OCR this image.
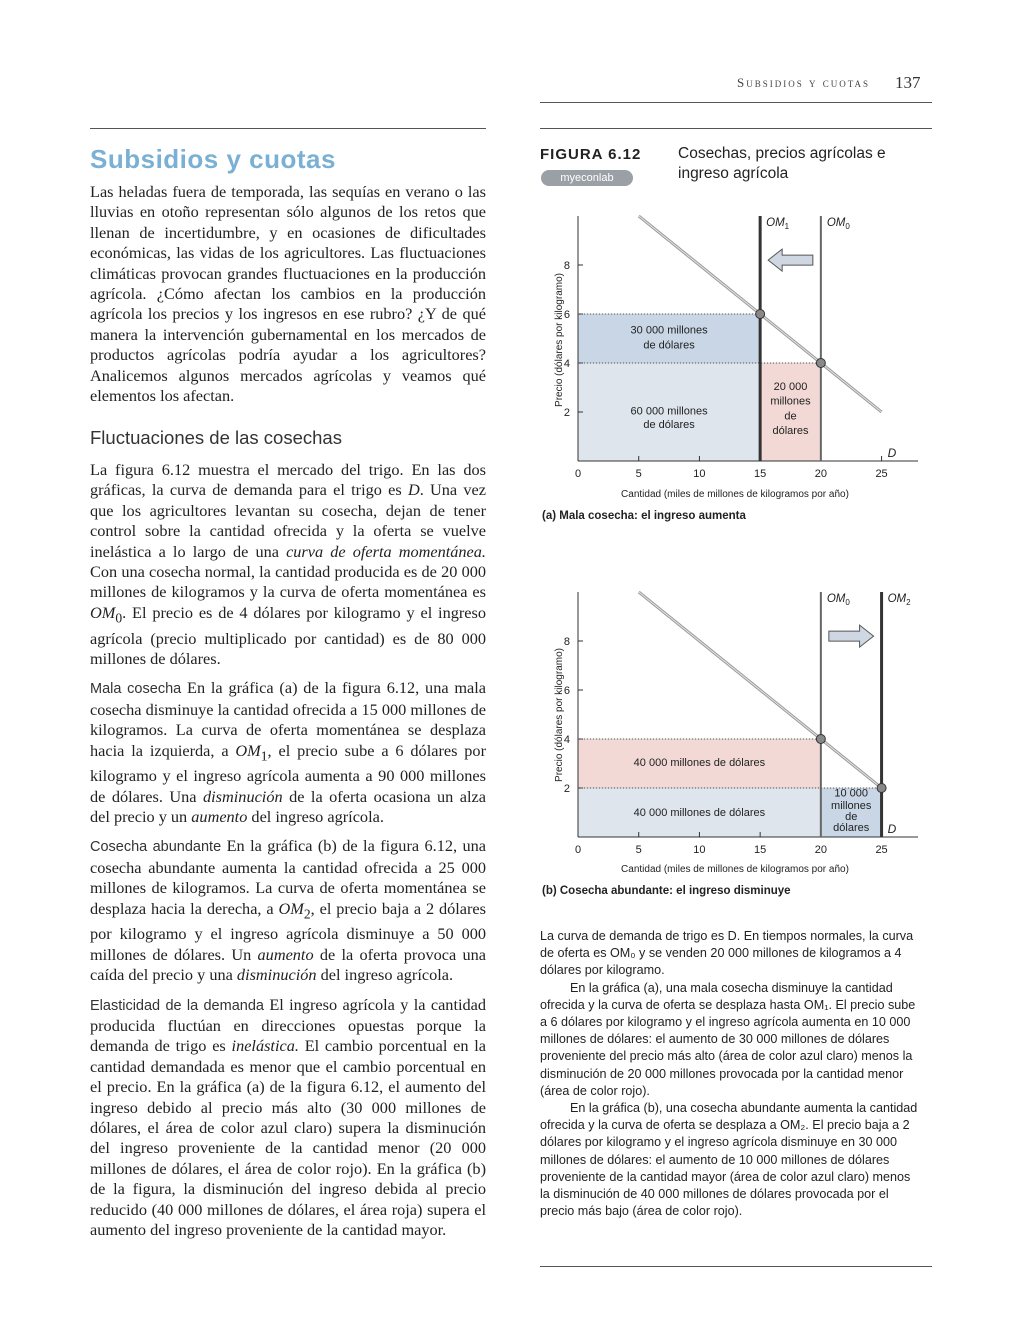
Subsidios y cuotas 137
Subsidios y cuotas

Las heladas fuera de temporada, las sequías en verano o las lluvias en otoño representan sólo algunos de los retos que llenan de incertidumbre, y en ocasiones de dificultades económicas, las vidas de los agricultores. Las fluctuaciones climáticas provocan grandes fluctuaciones en la producción agrícola. ¿Cómo afectan los cambios en la producción agrícola los precios y los ingresos en ese rubro? ¿Y de qué manera la intervención gubernamental en los mercados de productos agrícolas podría ayudar a los agricultores? Analicemos algunos mercados agrícolas y veamos qué elementos los afectan.

Fluctuaciones de las cosechas

La figura 6.12 muestra el mercado del trigo. En las dos gráficas, la curva de demanda para el trigo es D. Una vez que los agricultores levantan su cosecha, dejan de tener control sobre la cantidad ofrecida y la oferta se vuelve inelástica a lo largo de una curva de oferta momentánea. Con una cosecha normal, la cantidad producida es de 20 000 millones de kilogramos y la curva de oferta momentánea es $OM_0$. El precio es de 4 dólares por kilogramo y el ingreso agrícola (precio multiplicado por cantidad) es de 80 000 millones de dólares.

Mala cosecha En la gráfica (a) de la figura 6.12, una mala cosecha disminuye la cantidad ofrecida a 15 000 millones de kilogramos. La curva de oferta momentánea se desplaza hacia la izquierda, a $OM_1$, el precio sube a 6 dólares por kilogramo y el ingreso agrícola aumenta a 90 000 millones de dólares. Una disminución de la oferta ocasiona un alza del precio y un aumento del ingreso agrícola.

Cosecha abundante En la gráfica (b) de la figura 6.12, una cosecha abundante aumenta la cantidad ofrecida a 25 000 millones de kilogramos. La curva de oferta momentánea se desplaza hacia la derecha, a $OM_2$, el precio baja a 2 dólares por kilogramo y el ingreso agrícola disminuye a 50 000 millones de dólares. Un aumento de la oferta provoca una caída del precio y una disminución del ingreso agrícola.

Elasticidad de la demanda El ingreso agrícola y la cantidad producida fluctúan en direcciones opuestas porque la demanda de trigo es inelástica. El cambio porcentual en la cantidad demandada es menor que el cambio porcentual en el precio. En la gráfica (a) de la figura 6.12, el aumento del ingreso debido al precio más alto (30 000 millones de dólares, el área de color azul claro) supera la disminución del ingreso proveniente de la cantidad menor (20 000 millones de dólares, el área de color rojo). En la gráfica (b) de la figura, la disminución del ingreso debida al precio reducido (40 000 millones de dólares, el área roja) supera el aumento del ingreso proveniente de la cantidad mayor.

FIGURA 6.12 Cosechas, precios agrícolas e ingreso agrícola
myeconlab
0	5	10	15	20	25
2
4
6
8
D
$OM_1$	$OM_0$
30 000 millones
de dólares
60 000 millones
de dólares
20 000
millones
de
dólares
Cantidad (miles de millones de kilogramos por año)
(a) Mala cosecha: el ingreso aumenta
Precio (dólares por kilogramo)
0	5	10	15	20	25
2
4
6
8
D
$OM_0$	$OM_2$
40 000 millones de dólares
40 000 millones de dólares
10 000
millones
de
dólares
Cantidad (miles de millones de kilogramos por año)
(b) Cosecha abundante: el ingreso disminuye
Precio (dólares por kilogramo)

La curva de demanda de trigo es D. En tiempos normales, la curva de oferta es OM₀ y se venden 20 000 millones de kilogramos a 4 dólares por kilogramo.

En la gráfica (a), una mala cosecha disminuye la cantidad ofrecida y la curva de oferta se desplaza hasta OM₁. El precio sube a 6 dólares por kilogramo y el ingreso agrícola aumenta en 10 000 millones de dólares: el aumento de 30 000 millones de dólares proveniente del precio más alto (área de color azul claro) menos la disminución de 20 000 millones provocada por la cantidad menor (área de color rojo).

En la gráfica (b), una cosecha abundante aumenta la cantidad ofrecida y la curva de oferta se desplaza a OM₂. El precio baja a 2 dólares por kilogramo y el ingreso agrícola disminuye en 30 000 millones de dólares: el aumento de 10 000 millones de dólares proveniente de la cantidad mayor (área de color azul claro) menos la disminución de 40 000 millones de dólares provocada por el precio más bajo (área de color rojo).
